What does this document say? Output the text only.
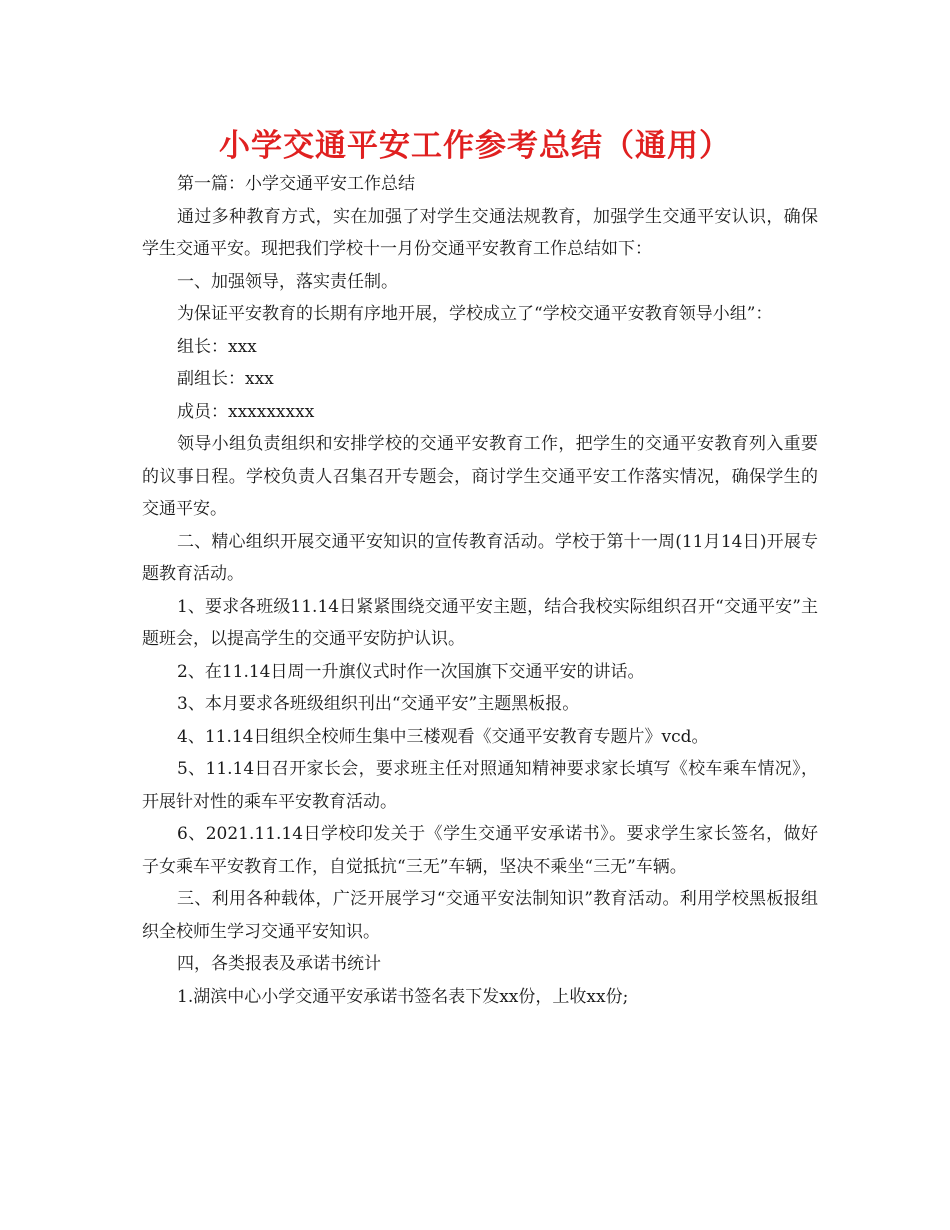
小学交通平安工作参考总结（通用）

第一篇：小学交通平安工作总结

通过多种教育方式，实在加强了对学生交通法规教育，加强学生交通平安认识，确保学生交通平安。现把我们学校十一月份交通平安教育工作总结如下：

一、加强领导，落实责任制。

为保证平安教育的长期有序地开展，学校成立了“学校交通平安教育领导小组”：

组长：xxx

副组长：xxx

成员：xxxxxxxxx

领导小组负责组织和安排学校的交通平安教育工作，把学生的交通平安教育列入重要的议事日程。学校负责人召集召开专题会，商讨学生交通平安工作落实情况，确保学生的交通平安。

二、精心组织开展交通平安知识的宣传教育活动。学校于第十一周(11月14日)开展专题教育活动。

1、要求各班级11.14日紧紧围绕交通平安主题，结合我校实际组织召开“交通平安”主题班会，以提高学生的交通平安防护认识。

2、在11.14日周一升旗仪式时作一次国旗下交通平安的讲话。

3、本月要求各班级组织刊出“交通平安”主题黑板报。

4、11.14日组织全校师生集中三楼观看《交通平安教育专题片》vcd。

5、11.14日召开家长会，要求班主任对照通知精神要求家长填写《校车乘车情况》，开展针对性的乘车平安教育活动。

6、2021.11.14日学校印发关于《学生交通平安承诺书》。要求学生家长签名，做好子女乘车平安教育工作，自觉抵抗“三无”车辆，坚决不乘坐“三无”车辆。

三、利用各种载体，广泛开展学习“交通平安法制知识”教育活动。利用学校黑板报组织全校师生学习交通平安知识。

四，各类报表及承诺书统计

1.湖滨中心小学交通平安承诺书签名表下发xx份，上收xx份;
